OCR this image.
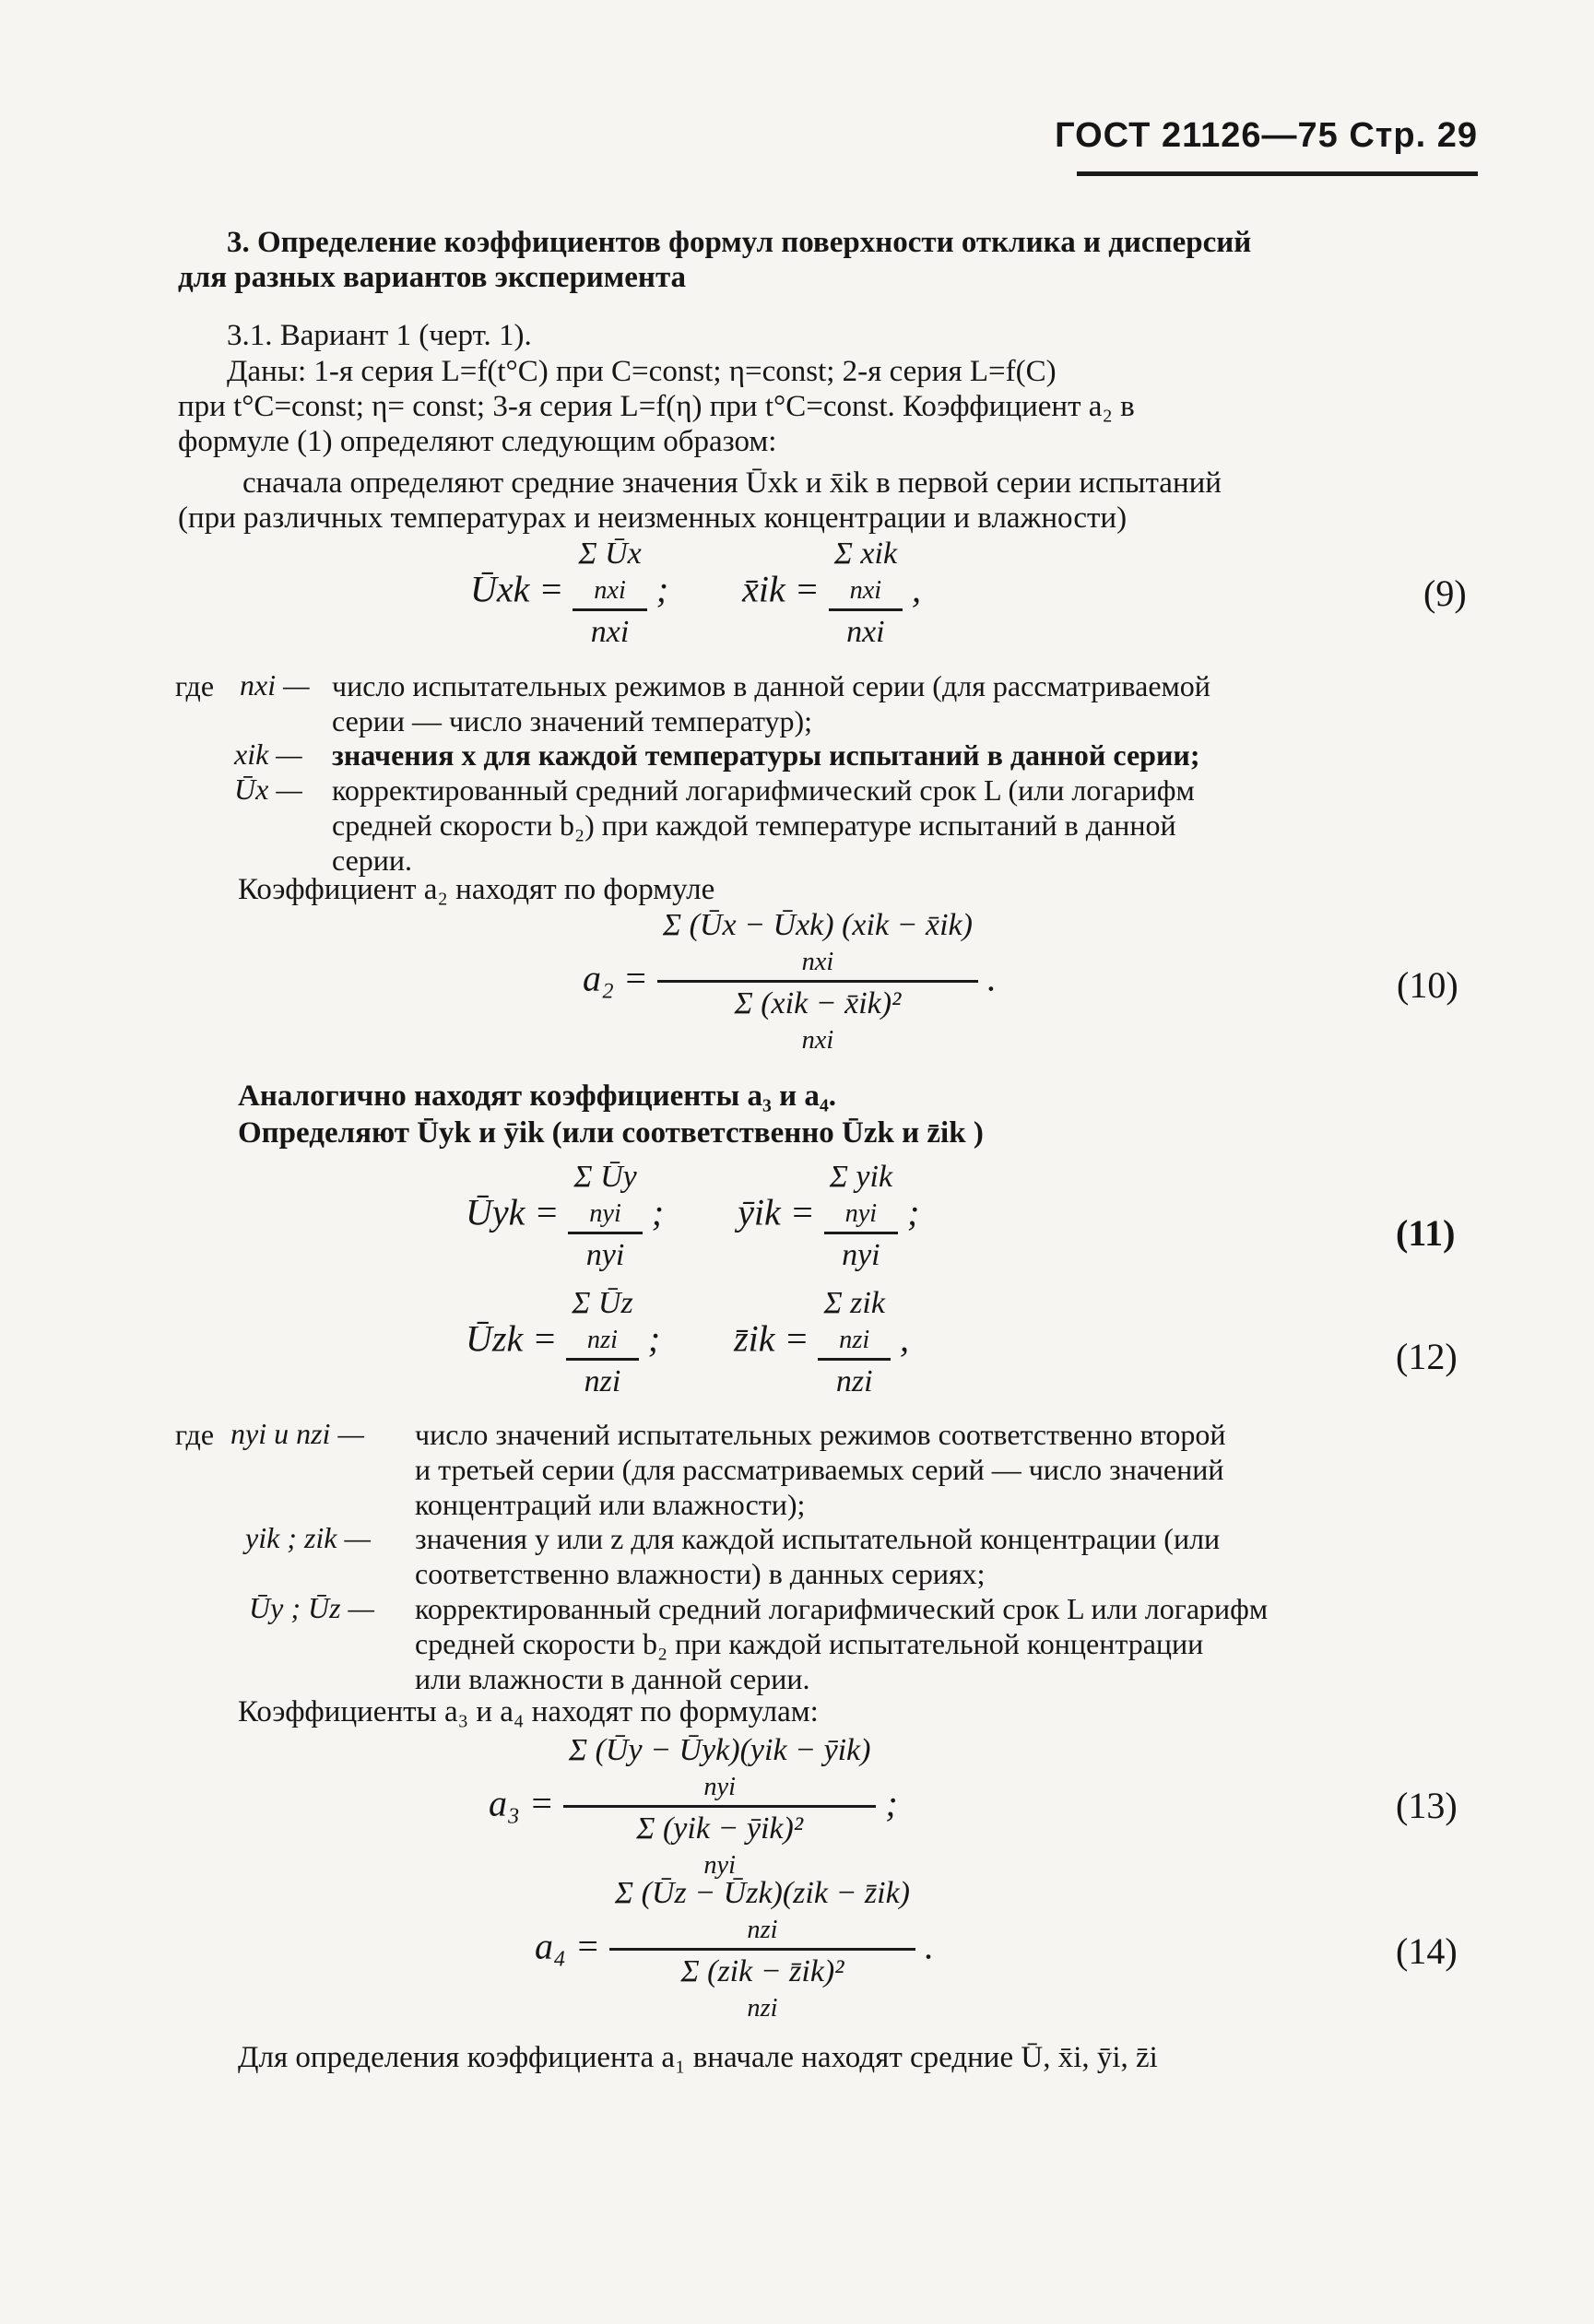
ГОСТ 21126—75 Стр. 29
3. Определение коэффициентов формул поверхности отклика и дисперсий
для разных вариантов эксперимента
3.1. Вариант 1 (черт. 1).
Даны: 1-я серия L=f(t°C) при C=const; η=const; 2-я серия L=f(C)
при t°C=const; η= const; 3-я серия L=f(η) при t°C=const. Коэффициент a₂ в
формуле (1) определяют следующим образом:
сначала определяют средние значения Ūxk и x̄ik в первой серии испытаний
(при различных температурах и неизменных концентрации и влажности)
Ūxk =
Σ Ūx
nxi
nxi
; x̄ik =
Σ xik
nxi
nxi
,	(9)
где nxi — число испытательных режимов в данной серии (для рассматриваемой
серии — число значений температур);
xik — значения x для каждой температуры испытаний в данной серии;
Ūx — корректированный средний логарифмический срок L (или логарифм
средней скорости b₂) при каждой температуре испытаний в данной
серии.
Коэффициент a₂ находят по формуле
a₂ =
Σ (Ūx − Ūxk) (xik − x̄ik)
nxi
Σ (xik − x̄ik)²
nxi
.	(10)
Аналогично находят коэффициенты a₃ и a₄.
Определяют Ūyk и ȳik (или соответственно Ūzk и z̄ik )
Ūyk =
Σ Ūy
nyi
nyi
; ȳik =
Σ yik
nyi
nyi
;	(11)
Ūzk =
Σ Ūz
nzi
nzi
; z̄ik =
Σ zik
nzi
nzi
,	(12)
где nyi и nzi — число значений испытательных режимов соответственно второй
и третьей серии (для рассматриваемых серий — число значений
концентраций или влажности);
yik ; zik — значения y или z для каждой испытательной концентрации (или
соответственно влажности) в данных сериях;
Ūy ; Ūz — корректированный средний логарифмический срок L или логарифм
средней скорости b₂ при каждой испытательной концентрации
или влажности в данной серии.
Коэффициенты a₃ и a₄ находят по формулам:
a₃ =
Σ (Ūy − Ūyk)(yik − ȳik)
nyi
Σ (yik − ȳik)²
nyi
;	(13)
a₄ =
Σ (Ūz − Ūzk)(zik − z̄ik)
nzi
Σ (zik − z̄ik)²
nzi
.	(14)
Для определения коэффициента a₁ вначале находят средние Ū, x̄i, ȳi, z̄i
